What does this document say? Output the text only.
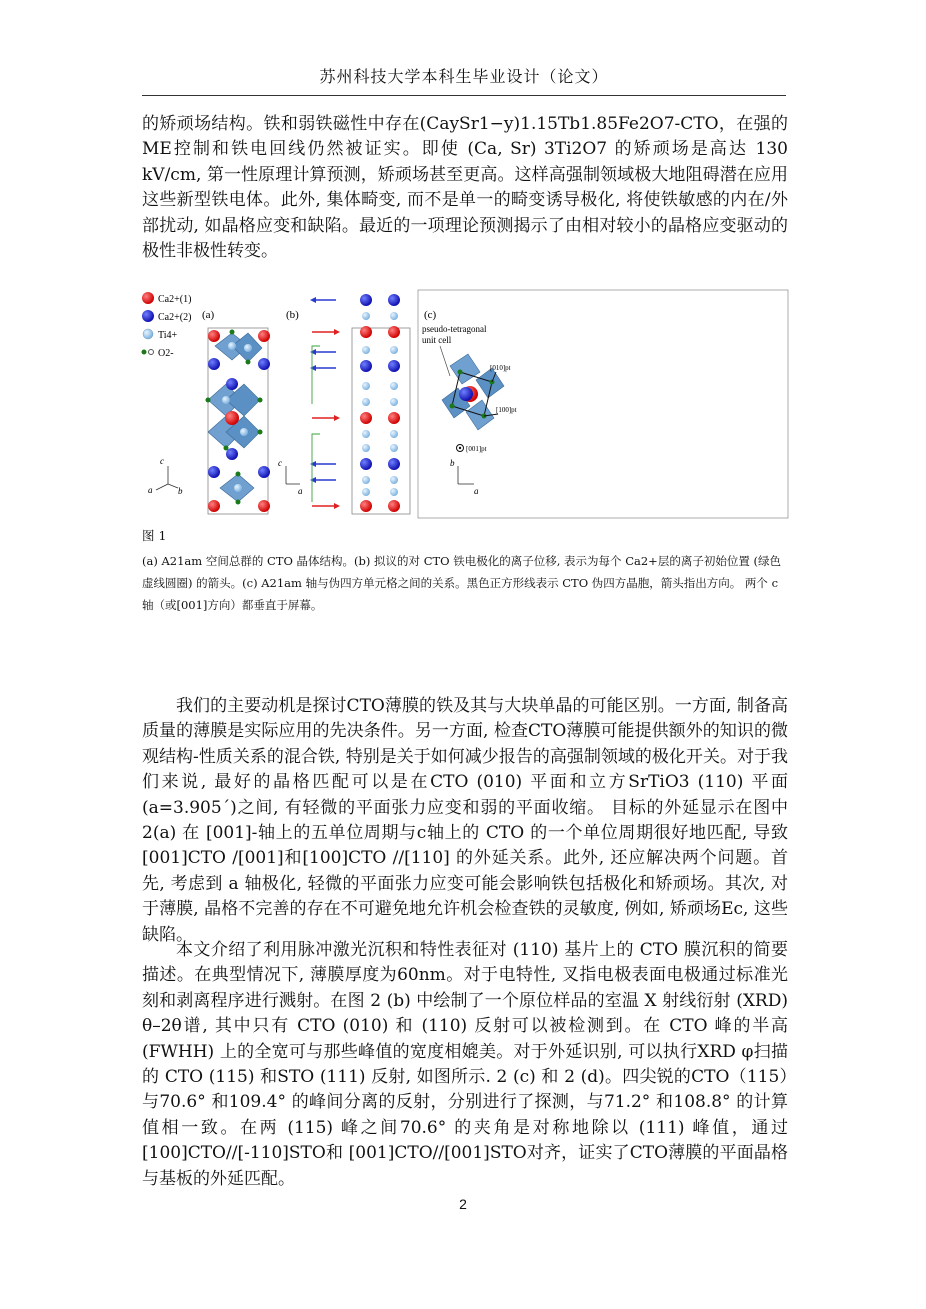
苏州科技大学本科生毕业设计（论文）

的矫顽场结构。铁和弱铁磁性中存在(CaySr1−y)1.15Tb1.85Fe2O7-CTO，在强的ME控制和铁电回线仍然被证实。即使 (Ca, Sr) 3Ti2O7 的矫顽场是高达 130 kV/cm, 第一性原理计算预测，矫顽场甚至更高。这样高强制领域极大地阻碍潜在应用这些新型铁电体。此外, 集体畸变, 而不是单一的畸变诱导极化, 将使铁敏感的内在/外部扰动, 如晶格应变和缺陷。最近的一项理论预测揭示了由相对较小的晶格应变驱动的极性非极性转变。

Ca2+(1)
Ca2+(2)
Ti4+
O2-
(a)
c
a	b
(b)
c
a
(c)
pseudo-tetragonal
unit cell
[010]pt
[100]pt
[001]pt
b
a
图 1

(a) A21am 空间总群的 CTO 晶体结构。(b) 拟议的对 CTO 铁电极化的离子位移, 表示为每个 Ca2+层的离子初始位置 (绿色虚线圆圈) 的箭头。(c) A21am 轴与伪四方单元格之间的关系。黑色正方形线表示 CTO 伪四方晶胞，箭头指出方向。 两个 c 轴（或[001]方向）都垂直于屏幕。

我们的主要动机是探讨CTO薄膜的铁及其与大块单晶的可能区别。一方面, 制备高质量的薄膜是实际应用的先决条件。另一方面, 检查CTO薄膜可能提供额外的知识的微观结构-性质关系的混合铁, 特别是关于如何减少报告的高强制领域的极化开关。对于我们来说, 最好的晶格匹配可以是在CTO (010) 平面和立方SrTiO3 (110) 平面(a=3.905´)之间, 有轻微的平面张力应变和弱的平面收缩。 目标的外延显示在图中2(a) 在 [001]-轴上的五单位周期与c轴上的 CTO 的一个单位周期很好地匹配, 导致[001]CTO /[001]和[100]CTO //[110] 的外延关系。此外, 还应解决两个问题。首先, 考虑到 a 轴极化, 轻微的平面张力应变可能会影响铁包括极化和矫顽场。其次, 对于薄膜, 晶格不完善的存在不可避免地允许机会检查铁的灵敏度, 例如, 矫顽场Ec, 这些缺陷。

本文介绍了利用脉冲激光沉积和特性表征对 (110) 基片上的 CTO 膜沉积的简要描述。在典型情况下, 薄膜厚度为60nm。对于电特性, 叉指电极表面电极通过标准光刻和剥离程序进行溅射。在图 2 (b) 中绘制了一个原位样品的室温 X 射线衍射 (XRD) θ–2θ谱, 其中只有 CTO (010) 和 (110) 反射可以被检测到。在 CTO 峰的半高 (FWHH) 上的全宽可与那些峰值的宽度相媲美。对于外延识别, 可以执行XRD φ扫描的 CTO (115) 和STO (111) 反射, 如图所示. 2 (c) 和 2 (d)。四尖锐的CTO（115）与70.6° 和109.4° 的峰间分离的反射，分别进行了探测，与71.2° 和108.8° 的计算值相一致。在两 (115) 峰之间70.6° 的夹角是对称地除以 (111) 峰值，通过 [100]CTO//[-110]STO和 [001]CTO//[001]STO对齐，证实了CTO薄膜的平面晶格与基板的外延匹配。

2
